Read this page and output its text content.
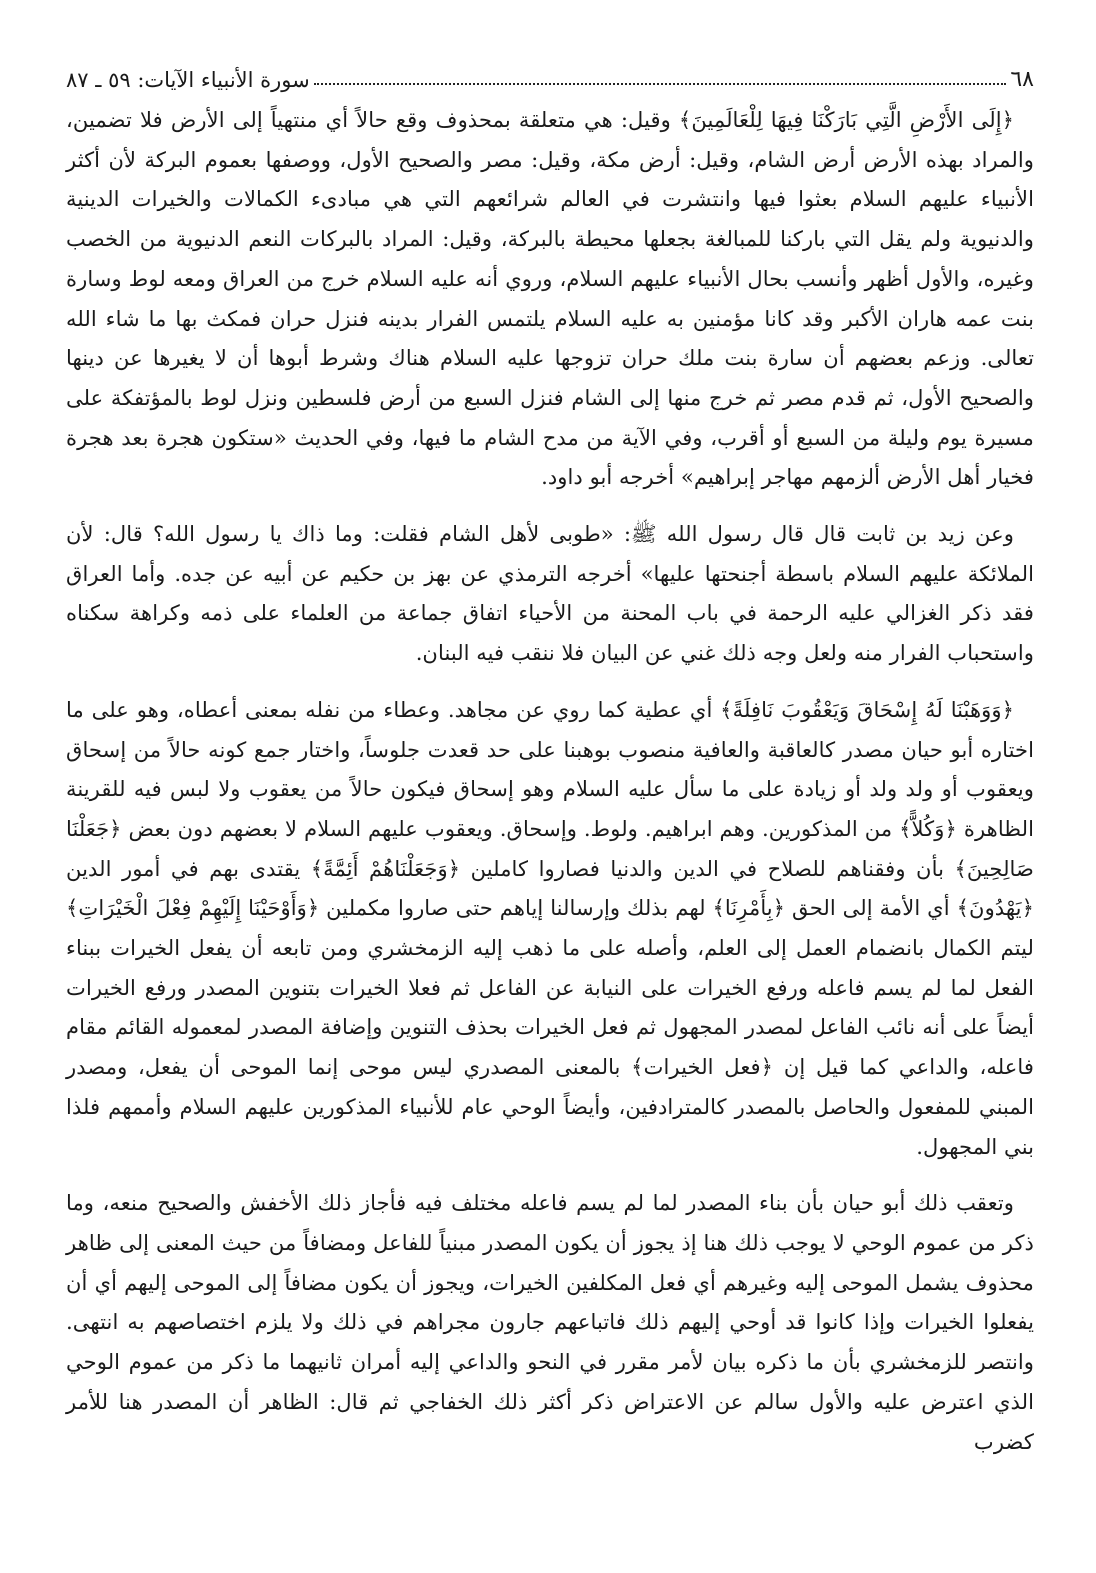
سورة الأنبياء الآيات: ٥٩ ـ ٨٧	٦٨

﴿إِلَى الأَرْضِ الَّتِي بَارَكْنَا فِيهَا لِلْعَالَمِينَ﴾ وقيل: هي متعلقة بمحذوف وقع حالاً أي منتهياً إلى الأرض فلا تضمين، والمراد بهذه الأرض أرض الشام، وقيل: أرض مكة، وقيل: مصر والصحيح الأول، ووصفها بعموم البركة لأن أكثر الأنبياء عليهم السلام بعثوا فيها وانتشرت في العالم شرائعهم التي هي مبادىء الكمالات والخيرات الدينية والدنيوية ولم يقل التي باركنا للمبالغة بجعلها محيطة بالبركة، وقيل: المراد بالبركات النعم الدنيوية من الخصب وغيره، والأول أظهر وأنسب بحال الأنبياء عليهم السلام، وروي أنه عليه السلام خرج من العراق ومعه لوط وسارة بنت عمه هاران الأكبر وقد كانا مؤمنين به عليه السلام يلتمس الفرار بدينه فنزل حران فمكث بها ما شاء الله تعالى. وزعم بعضهم أن سارة بنت ملك حران تزوجها عليه السلام هناك وشرط أبوها أن لا يغيرها عن دينها والصحيح الأول، ثم قدم مصر ثم خرج منها إلى الشام فنزل السبع من أرض فلسطين ونزل لوط بالمؤتفكة على مسيرة يوم وليلة من السبع أو أقرب، وفي الآية من مدح الشام ما فيها، وفي الحديث «ستكون هجرة بعد هجرة فخيار أهل الأرض ألزمهم مهاجر إبراهيم» أخرجه أبو داود.

وعن زيد بن ثابت قال قال رسول الله ﷺ: «طوبى لأهل الشام فقلت: وما ذاك يا رسول الله؟ قال: لأن الملائكة عليهم السلام باسطة أجنحتها عليها» أخرجه الترمذي عن بهز بن حكيم عن أبيه عن جده. وأما العراق فقد ذكر الغزالي عليه الرحمة في باب المحنة من الأحياء اتفاق جماعة من العلماء على ذمه وكراهة سكناه واستحباب الفرار منه ولعل وجه ذلك غني عن البيان فلا ننقب فيه البنان.

﴿وَوَهَبْنَا لَهُ إِسْحَاقَ وَيَعْقُوبَ نَافِلَةً﴾ أي عطية كما روي عن مجاهد. وعطاء من نفله بمعنى أعطاه، وهو على ما اختاره أبو حيان مصدر كالعاقبة والعافية منصوب بوهبنا على حد قعدت جلوساً، واختار جمع كونه حالاً من إسحاق ويعقوب أو ولد ولد أو زيادة على ما سأل عليه السلام وهو إسحاق فيكون حالاً من يعقوب ولا لبس فيه للقرينة الظاهرة ﴿وَكُلاًّ﴾ من المذكورين. وهم ابراهيم. ولوط. وإسحاق. ويعقوب عليهم السلام لا بعضهم دون بعض ﴿جَعَلْنَا صَالِحِينَ﴾ بأن وفقناهم للصلاح في الدين والدنيا فصاروا كاملين ﴿وَجَعَلْنَاهُمْ أَئِمَّةً﴾ يقتدى بهم في أمور الدين ﴿يَهْدُونَ﴾ أي الأمة إلى الحق ﴿بِأَمْرِنَا﴾ لهم بذلك وإرسالنا إياهم حتى صاروا مكملين ﴿وَأَوْحَيْنَا إِلَيْهِمْ فِعْلَ الْخَيْرَاتِ﴾ ليتم الكمال بانضمام العمل إلى العلم، وأصله على ما ذهب إليه الزمخشري ومن تابعه أن يفعل الخيرات ببناء الفعل لما لم يسم فاعله ورفع الخيرات على النيابة عن الفاعل ثم فعلا الخيرات بتنوين المصدر ورفع الخيرات أيضاً على أنه نائب الفاعل لمصدر المجهول ثم فعل الخيرات بحذف التنوين وإضافة المصدر لمعموله القائم مقام فاعله، والداعي كما قيل إن ﴿فعل الخيرات﴾ بالمعنى المصدري ليس موحى إنما الموحى أن يفعل، ومصدر المبني للمفعول والحاصل بالمصدر كالمترادفين، وأيضاً الوحي عام للأنبياء المذكورين عليهم السلام وأممهم فلذا بني المجهول.

وتعقب ذلك أبو حيان بأن بناء المصدر لما لم يسم فاعله مختلف فيه فأجاز ذلك الأخفش والصحيح منعه، وما ذكر من عموم الوحي لا يوجب ذلك هنا إذ يجوز أن يكون المصدر مبنياً للفاعل ومضافاً من حيث المعنى إلى ظاهر محذوف يشمل الموحى إليه وغيرهم أي فعل المكلفين الخيرات، ويجوز أن يكون مضافاً إلى الموحى إليهم أي أن يفعلوا الخيرات وإذا كانوا قد أوحي إليهم ذلك فاتباعهم جارون مجراهم في ذلك ولا يلزم اختصاصهم به انتهى. وانتصر للزمخشري بأن ما ذكره بيان لأمر مقرر في النحو والداعي إليه أمران ثانيهما ما ذكر من عموم الوحي الذي اعترض عليه والأول سالم عن الاعتراض ذكر أكثر ذلك الخفاجي ثم قال: الظاهر أن المصدر هنا للأمر كضرب
